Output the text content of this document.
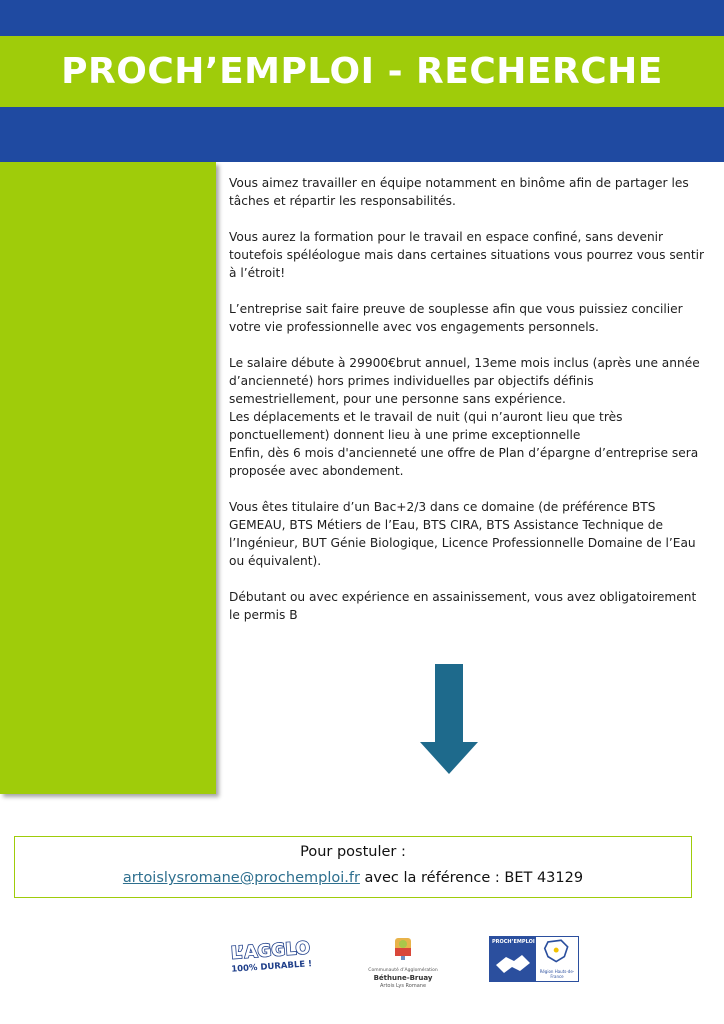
PROCH’EMPLOI - RECHERCHE

Vous aimez travailler en équipe notamment en binôme afin de partager les tâches et répartir les responsabilités.

Vous aurez la formation pour le travail en espace confiné, sans devenir toutefois spéléologue mais dans certaines situations vous pourrez vous sentir à l’étroit!

L’entreprise sait faire preuve de souplesse afin que vous puissiez concilier votre vie professionnelle avec vos engagements personnels.

Le salaire débute à 29900€brut annuel, 13eme mois inclus (après une année d’ancienneté) hors primes individuelles par objectifs définis semestriellement, pour une personne sans expérience.

Les déplacements et le travail de nuit (qui n’auront lieu que très ponctuellement) donnent lieu à une prime exceptionnelle

Enfin, dès 6 mois d'ancienneté une offre de Plan d’épargne d’entreprise sera proposée avec abondement.

Vous êtes titulaire d’un Bac+2/3 dans ce domaine (de préférence BTS GEMEAU, BTS Métiers de l’Eau, BTS CIRA, BTS Assistance Technique de l’Ingénieur, BUT Génie Biologique, Licence Professionnelle Domaine de l’Eau ou équivalent).

Débutant ou avec expérience en assainissement, vous avez obligatoirement le permis B

Pour postuler :
artoislysromane@prochemploi.fr avec la référence : BET 43129
L’AGGLO
100% DURABLE !	Communauté d’Agglomération
Béthune-Bruay
Artois Lys Romane
PROCH’EMPLOI
Région Hauts-de-France
